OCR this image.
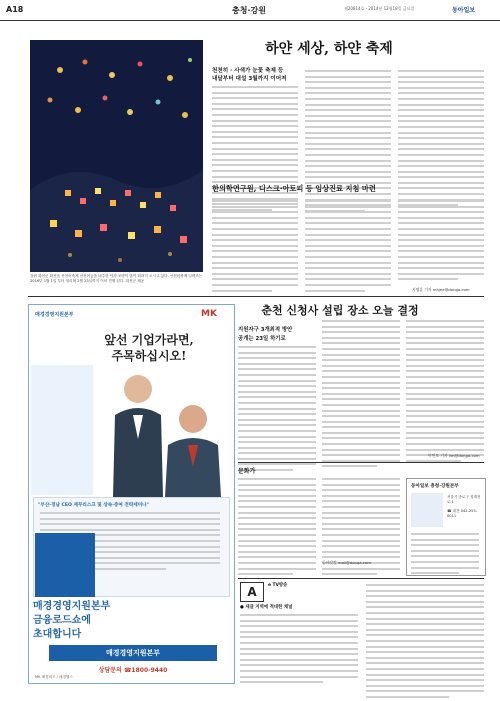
A18	충청·강원	제20814호 · 2014년 12월18일 금요일	동아일보
강원 화천군 화천읍 산천어축제 산천어등을 비추한 야경 조명이 많이 화려히 오시고 있다. 산천어축제 일렉조는 2016년 1월 1일 부터 열리며 2월 23일까지 이어 진행 된다. 화천군 제공
하얀 세상, 하얀 축제
천천히 · 사색가 눈꽃 축제 등
내달부터 대설 3월까지 이어져
한의학연구원, 디스크·아토피 등 임상진료 지침 마련
지명훈 기자 mhjee@donga.com
춘천 신청사 설립 장소 오늘 결정
지원자구 3개최적 방안
공개는 23일 하기로
이인모 기자 lim@donga.com
매경경영지원본부	MK
앞선 기업가라면,
주목하십시오!
"부산·경남 CEO 재무리스크 및 상속·증여 전략세미나"
매경경영지원본부
금융로드쇼에
초대합니다
매경경영지원본부
상담문의 ☎1800-9440
MK 매경비즈 / 매경헬스
문화가
동아닷컴 mail@donga.com
동아일보 충청·강원본부
서울시 종로구 청계천로 1
☎ 대전 042-253-0011
A	e TV방송
● 새글 지역에 적대한 채널
